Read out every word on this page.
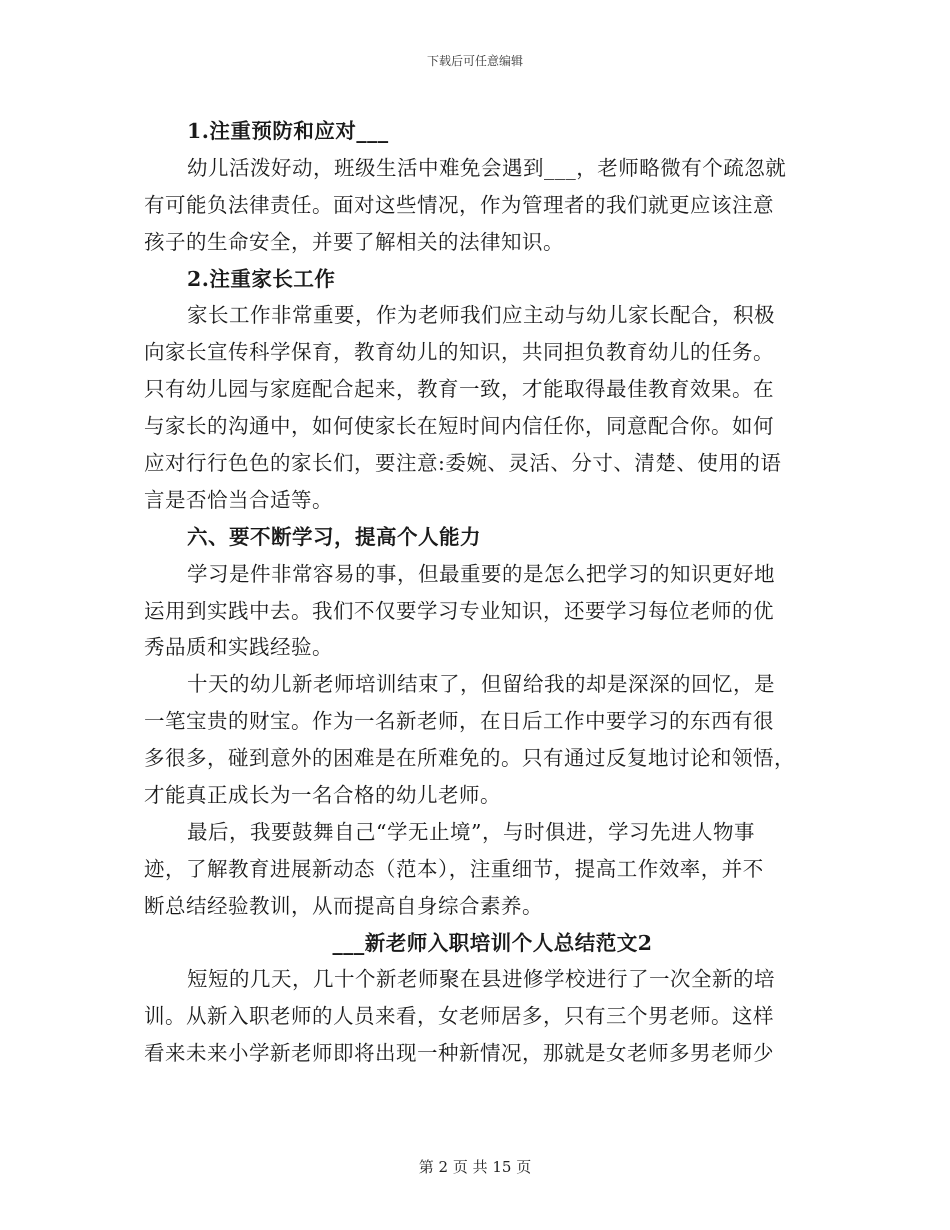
下载后可任意编辑
1.注重预防和应对___
幼儿活泼好动，班级生活中难免会遇到___，老师略微有个疏忽就
有可能负法律责任。面对这些情况，作为管理者的我们就更应该注意
孩子的生命安全，并要了解相关的法律知识。
2.注重家长工作
家长工作非常重要，作为老师我们应主动与幼儿家长配合，积极
向家长宣传科学保育，教育幼儿的知识，共同担负教育幼儿的任务。
只有幼儿园与家庭配合起来，教育一致，才能取得最佳教育效果。在
与家长的沟通中，如何使家长在短时间内信任你，同意配合你。如何
应对行行色色的家长们，要注意:委婉、灵活、分寸、清楚、使用的语
言是否恰当合适等。
六、要不断学习，提高个人能力
学习是件非常容易的事，但最重要的是怎么把学习的知识更好地
运用到实践中去。我们不仅要学习专业知识，还要学习每位老师的优
秀品质和实践经验。
十天的幼儿新老师培训结束了，但留给我的却是深深的回忆，是
一笔宝贵的财宝。作为一名新老师，在日后工作中要学习的东西有很
多很多，碰到意外的困难是在所难免的。只有通过反复地讨论和领悟，
才能真正成长为一名合格的幼儿老师。
最后，我要鼓舞自己“学无止境”，与时俱进，学习先进人物事
迹，了解教育进展新动态（范本），注重细节，提高工作效率，并不
断总结经验教训，从而提高自身综合素养。
___新老师入职培训个人总结范文2
短短的几天，几十个新老师聚在县进修学校进行了一次全新的培
训。从新入职老师的人员来看，女老师居多，只有三个男老师。这样
看来未来小学新老师即将出现一种新情况，那就是女老师多男老师少
第 2 页 共 15 页
